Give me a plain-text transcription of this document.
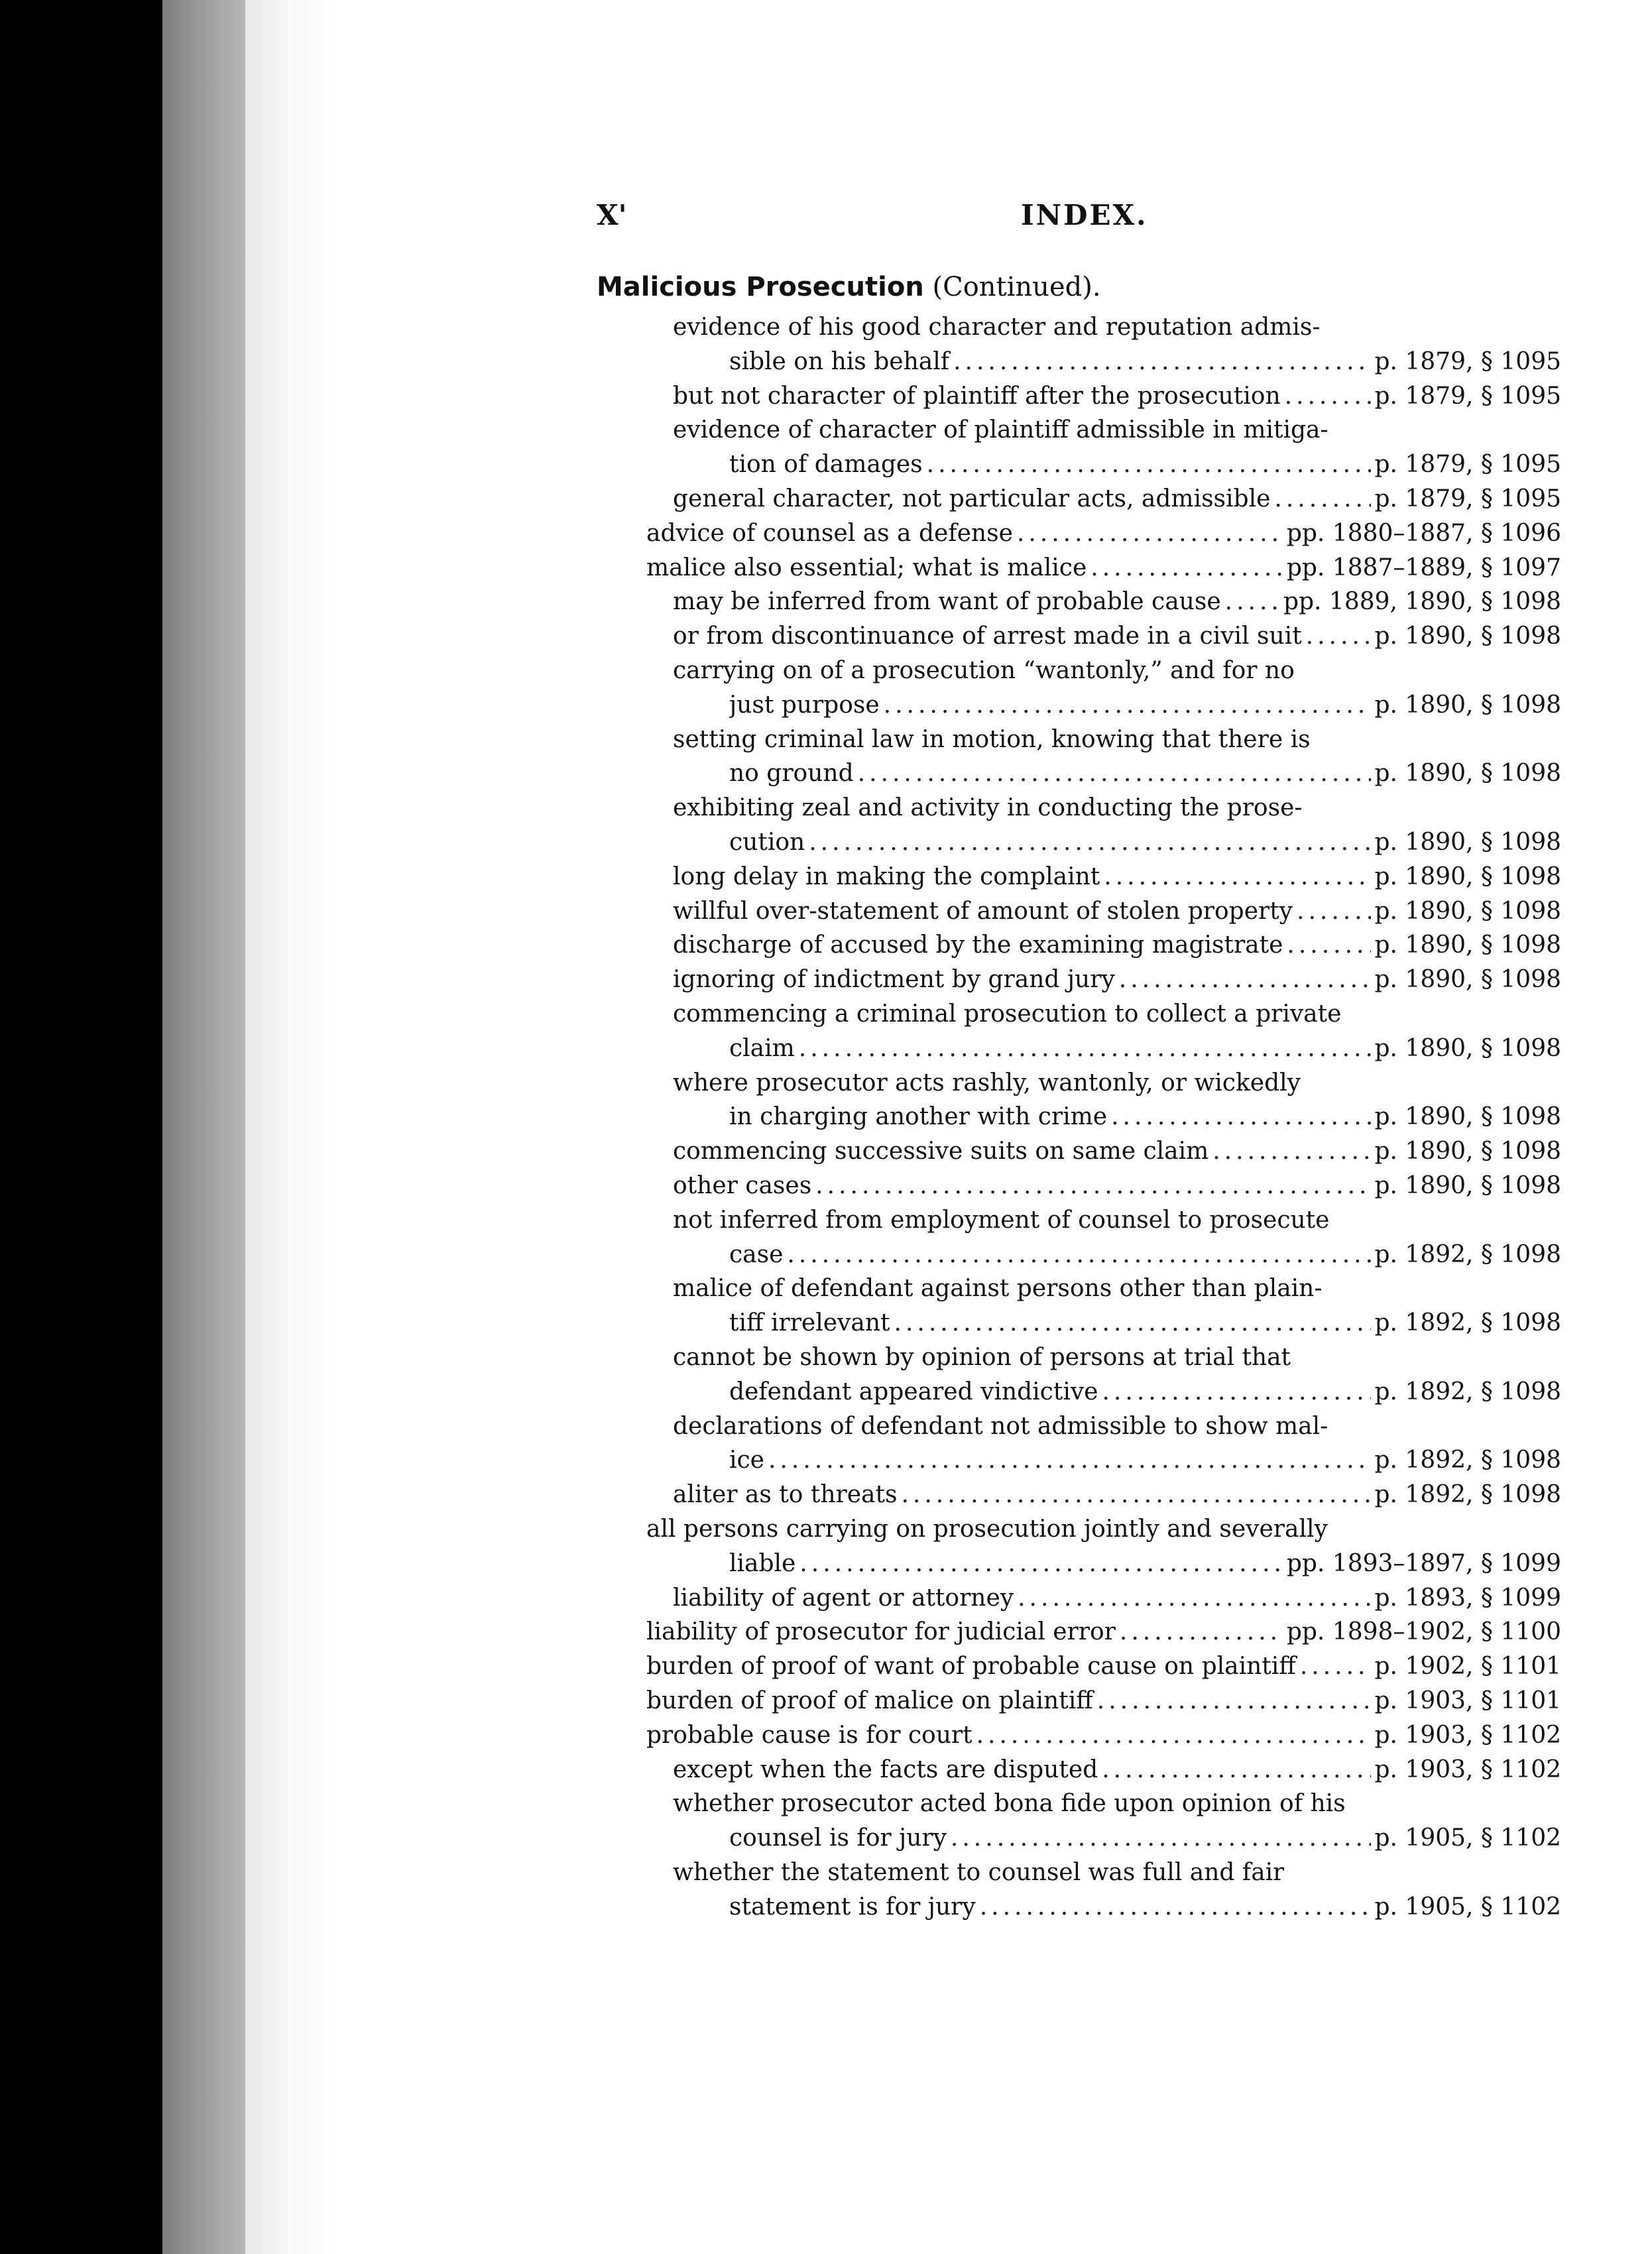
X'	INDEX.
Malicious Prosecution (Continued).
evidence of his good character and reputation admis-
sible on his behalf .....	p. 1879, § 1095
but not character of plaintiff after the prosecution .....	p. 1879, § 1095
evidence of character of plaintiff admissible in mitiga-
tion of damages .....	p. 1879, § 1095
general character, not particular acts, admissible .....	p. 1879, § 1095
advice of counsel as a defense .....	pp. 1880–1887, § 1096
malice also essential; what is malice .....	pp. 1887–1889, § 1097
may be inferred from want of probable cause .....	pp. 1889, 1890, § 1098
or from discontinuance of arrest made in a civil suit .....	p. 1890, § 1098
carrying on of a prosecution “wantonly,” and for no
just purpose .....	p. 1890, § 1098
setting criminal law in motion, knowing that there is
no ground .....	p. 1890, § 1098
exhibiting zeal and activity in conducting the prose-
cution .....	p. 1890, § 1098
long delay in making the complaint .....	p. 1890, § 1098
willful over-statement of amount of stolen property .....	p. 1890, § 1098
discharge of accused by the examining magistrate .....	p. 1890, § 1098
ignoring of indictment by grand jury .....	p. 1890, § 1098
commencing a criminal prosecution to collect a private
claim .....	p. 1890, § 1098
where prosecutor acts rashly, wantonly, or wickedly
in charging another with crime .....	p. 1890, § 1098
commencing successive suits on same claim .....	p. 1890, § 1098
other cases .....	p. 1890, § 1098
not inferred from employment of counsel to prosecute
case .....	p. 1892, § 1098
malice of defendant against persons other than plain-
tiff irrelevant .....	p. 1892, § 1098
cannot be shown by opinion of persons at trial that
defendant appeared vindictive .....	p. 1892, § 1098
declarations of defendant not admissible to show mal-
ice .....	p. 1892, § 1098
aliter as to threats .....	p. 1892, § 1098
all persons carrying on prosecution jointly and severally
liable .....	pp. 1893–1897, § 1099
liability of agent or attorney .....	p. 1893, § 1099
liability of prosecutor for judicial error .....	pp. 1898–1902, § 1100
burden of proof of want of probable cause on plaintiff .....	p. 1902, § 1101
burden of proof of malice on plaintiff .....	p. 1903, § 1101
probable cause is for court .....	p. 1903, § 1102
except when the facts are disputed .....	p. 1903, § 1102
whether prosecutor acted bona fide upon opinion of his
counsel is for jury .....	p. 1905, § 1102
whether the statement to counsel was full and fair
statement is for jury .....	p. 1905, § 1102
